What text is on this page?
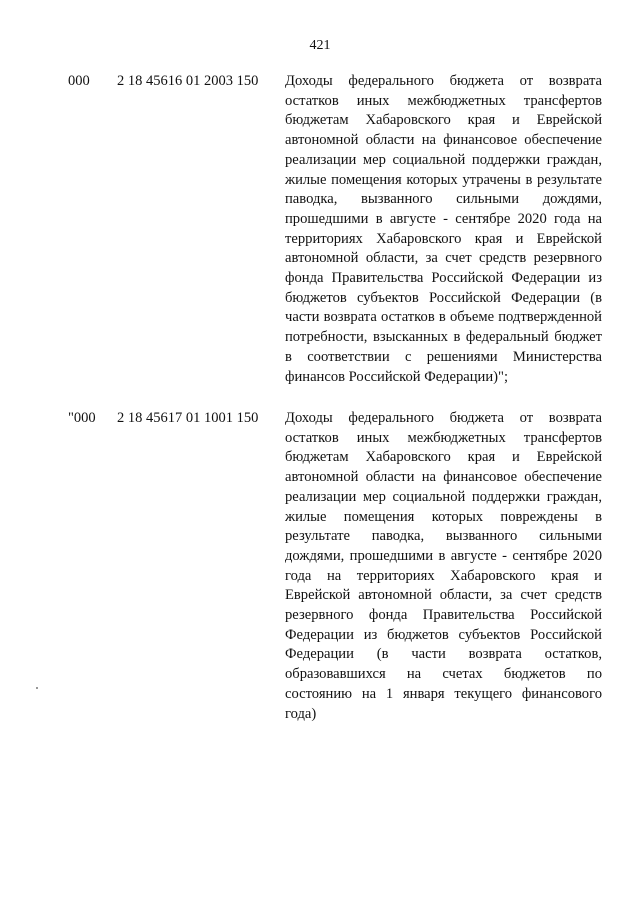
421
000 2 18 45616 01 2003 150 Доходы федерального бюджета от возврата остатков иных межбюджетных трансфертов бюджетам Хабаровского края и Еврейской автономной области на финансовое обеспечение реализации мер социальной поддержки граждан, жилые помещения которых утрачены в результате паводка, вызванного сильными дождями, прошедшими в августе - сентябре 2020 года на территориях Хабаровского края и Еврейской автономной области, за счет средств резервного фонда Правительства Российской Федерации из бюджетов субъектов Российской Федерации (в части возврата остатков в объеме подтвержденной потребности, взысканных в федеральный бюджет в соответствии с решениями Министерства финансов Российской Федерации)";

"000 2 18 45617 01 1001 150 Доходы федерального бюджета от возврата остатков иных межбюджетных трансфертов бюджетам Хабаровского края и Еврейской автономной области на финансовое обеспечение реализации мер социальной поддержки граждан, жилые помещения которых повреждены в результате паводка, вызванного сильными дождями, прошедшими в августе - сентябре 2020 года на территориях Хабаровского края и Еврейской автономной области, за счет средств резервного фонда Правительства Российской Федерации из бюджетов субъектов Российской Федерации (в части возврата остатков, образовавшихся на счетах бюджетов по состоянию на 1 января текущего финансового года)
